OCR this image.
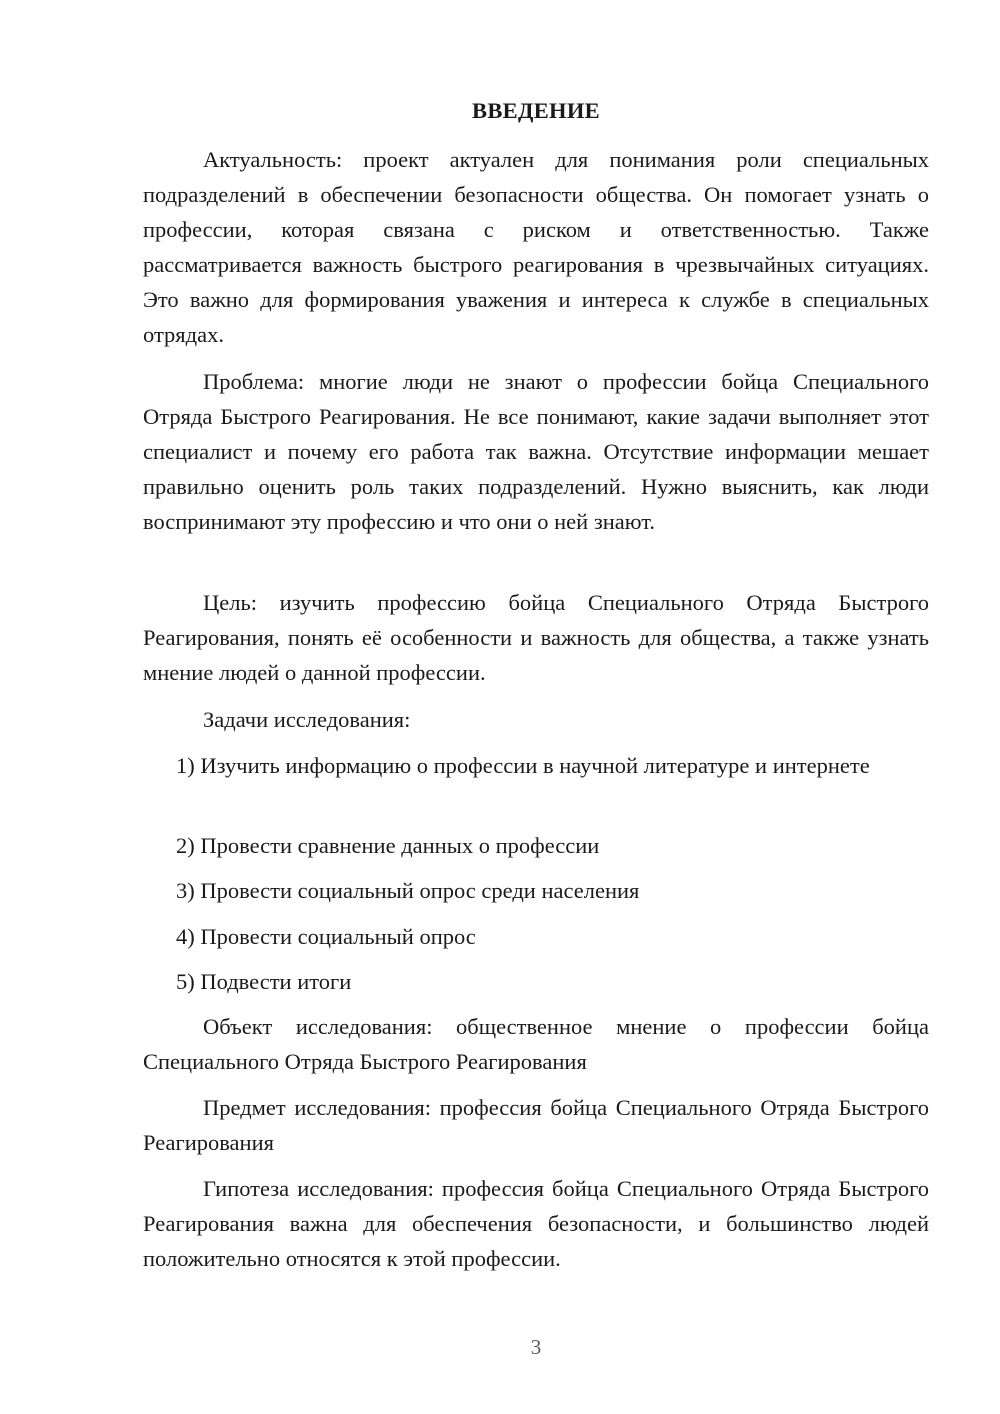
ВВЕДЕНИЕ

Актуальность: проект актуален для понимания роли специальных подразделений в обеспечении безопасности общества. Он помогает узнать о профессии, которая связана с риском и ответственностью. Также рассматривается важность быстрого реагирования в чрезвычайных ситуациях. Это важно для формирования уважения и интереса к службе в специальных отрядах.

Проблема: многие люди не знают о профессии бойца Специального Отряда Быстрого Реагирования. Не все понимают, какие задачи выполняет этот специалист и почему его работа так важна. Отсутствие информации мешает правильно оценить роль таких подразделений. Нужно выяснить, как люди воспринимают эту профессию и что они о ней знают.

Цель: изучить профессию бойца Специального Отряда Быстрого Реагирования, понять её особенности и важность для общества, а также узнать мнение людей о данной профессии.

Задачи исследования:

1) Изучить информацию о профессии в научной литературе и интернете

2) Провести сравнение данных о профессии

3) Провести социальный опрос среди населения

4) Провести социальный опрос

5) Подвести итоги

Объект исследования: общественное мнение о профессии бойца Специального Отряда Быстрого Реагирования

Предмет исследования: профессия бойца Специального Отряда Быстрого Реагирования

Гипотеза исследования: профессия бойца Специального Отряда Быстрого Реагирования важна для обеспечения безопасности, и большинство людей положительно относятся к этой профессии.

3
